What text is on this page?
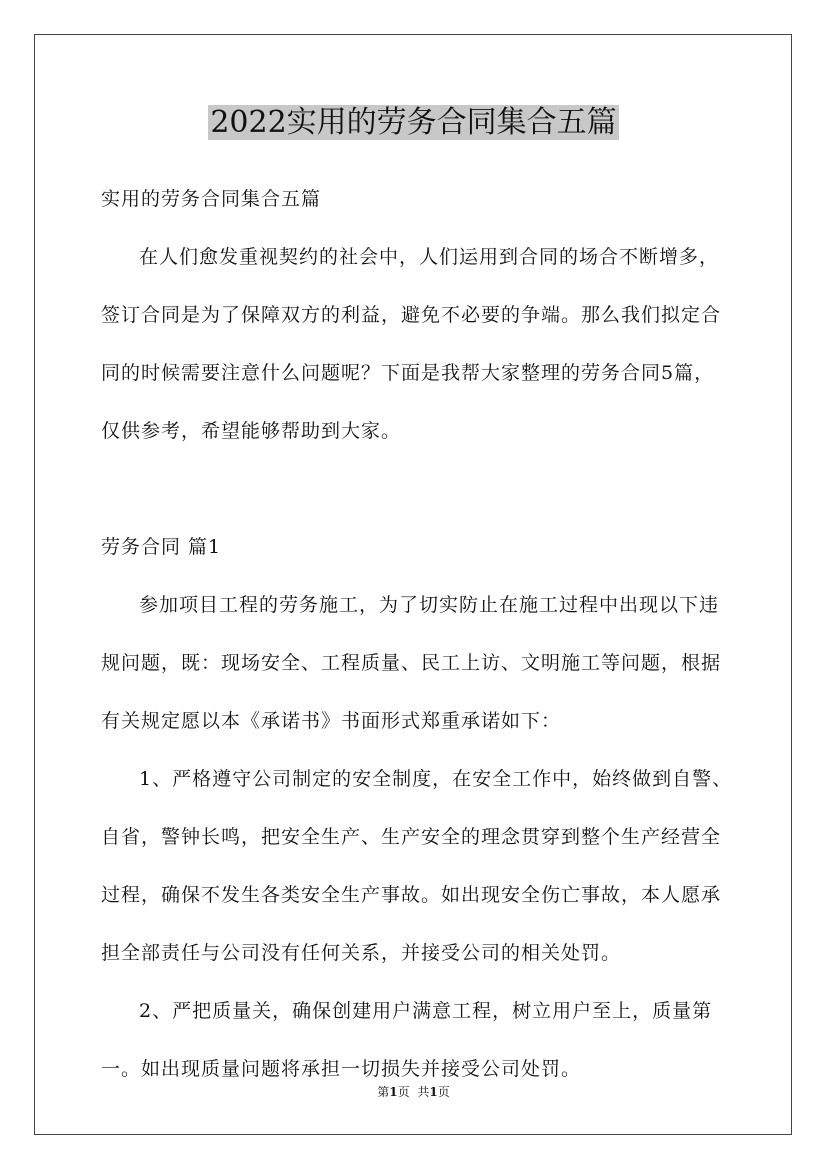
2022实用的劳务合同集合五篇

实用的劳务合同集合五篇

在人们愈发重视契约的社会中，人们运用到合同的场合不断增多，签订合同是为了保障双方的利益，避免不必要的争端。那么我们拟定合同的时候需要注意什么问题呢？下面是我帮大家整理的劳务合同5篇，仅供参考，希望能够帮助到大家。

劳务合同 篇1

参加项目工程的劳务施工，为了切实防止在施工过程中出现以下违规问题，既：现场安全、工程质量、民工上访、文明施工等问题，根据有关规定愿以本《承诺书》书面形式郑重承诺如下：

1、严格遵守公司制定的安全制度，在安全工作中，始终做到自警、自省，警钟长鸣，把安全生产、生产安全的理念贯穿到整个生产经营全过程，确保不发生各类安全生产事故。如出现安全伤亡事故，本人愿承担全部责任与公司没有任何关系，并接受公司的相关处罚。

2、严把质量关，确保创建用户满意工程，树立用户至上，质量第一。如出现质量问题将承担一切损失并接受公司处罚。

第1页 共1页
